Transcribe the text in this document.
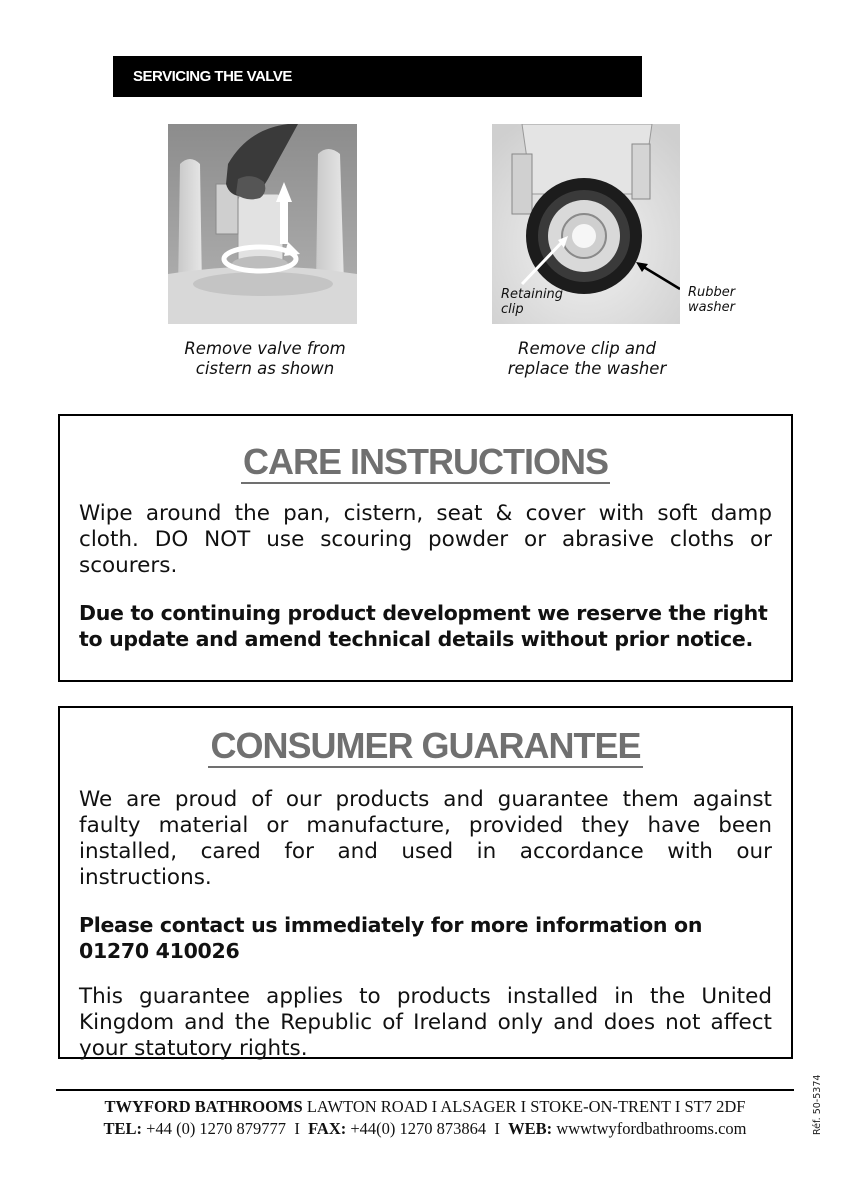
SERVICING THE VALVE
Remove valve from
cistern as shown
Retaining
clip
Rubber
washer
Remove clip and
replace the washer
CARE INSTRUCTIONS

Wipe around the pan, cistern, seat & cover with soft damp cloth. DO NOT use scouring powder or abrasive cloths or scourers.

Due to continuing product development we reserve the right to update and amend technical details without prior notice.

CONSUMER GUARANTEE

We are proud of our products and guarantee them against faulty material or manufacture, provided they have been installed, cared for and used in accordance with our instructions.

Please contact us immediately for more information on 01270 410026

This guarantee applies to products installed in the United Kingdom and the Republic of Ireland only and does not affect your statutory rights.

TWYFORD BATHROOMS LAWTON ROAD I ALSAGER I STOKE-ON-TRENT I ST7 2DF
TEL: +44 (0) 1270 879777 I FAX: +44(0) 1270 873864 I WEB: wwwtwyfordbathrooms.com	Réf. 50-5374
